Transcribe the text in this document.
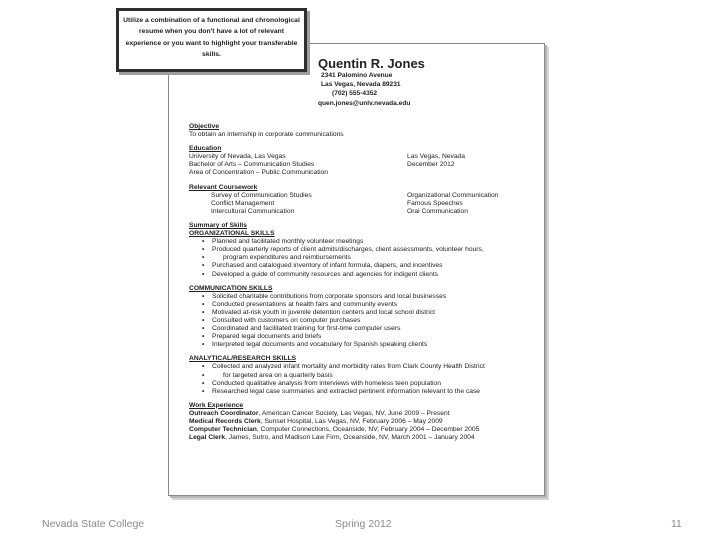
Quentin R. Jones
2341 Palomino Avenue
Las Vegas, Nevada 89231
(702) 555-4352
quen.jones@unlv.nevada.edu
Objective
To obtain an internship in corporate communications
Education
University of Nevada, Las Vegas	Las Vegas, Nevada
Bachelor of Arts – Communication Studies	December 2012
Area of Concentration – Public Communication
Relevant Coursework
Survey of Communication Studies	Organizational Communication
Conflict Management	Famous Speeches
Intercultural Communication	Oral Communication
Summary of Skills
ORGANIZATIONAL SKILLS
• Planned and facilitated monthly volunteer meetings
• Produced quarterly reports of client admits/discharges, client assessments, volunteer hours,
• program expenditures and reimbursements
• Purchased and catalogued inventory of infant formula, diapers, and incentives
• Developed a guide of community resources and agencies for indigent clients
COMMUNICATION SKILLS
• Solicited charitable contributions from corporate sponsors and local businesses
• Conducted presentations at health fairs and community events
• Motivated at-risk youth in juvenile detention centers and local school district
• Consulted with customers on computer purchases
• Coordinated and facilitated training for first-time computer users
• Prepared legal documents and briefs
• Interpreted legal documents and vocabulary for Spanish speaking clients
ANALYTICAL/RESEARCH SKILLS
• Collected and analyzed infant mortality and morbidity rates from Clark County Health District
• for targeted area on a quarterly basis
• Conducted qualitative analysis from interviews with homeless teen population
• Researched legal case summaries and extracted pertinent information relevant to the case
Work Experience
Outreach Coordinator, American Cancer Society, Las Vegas, NV, June 2009 – Present
Medical Records Clerk, Sunset Hospital, Las Vegas, NV, February 2006 – May 2009
Computer Technician, Computer Connections, Oceanside, NV, February 2004 – December 2005
Legal Clerk, James, Sutro, and Madison Law Firm, Oceanside, NV, March 2001 – January 2004
Utilize a combination of a functional and chronological
resume when you don't have a lot of relevant
experience or you want to highlight your transferable
skills.
Nevada State College	Spring 2012	11
